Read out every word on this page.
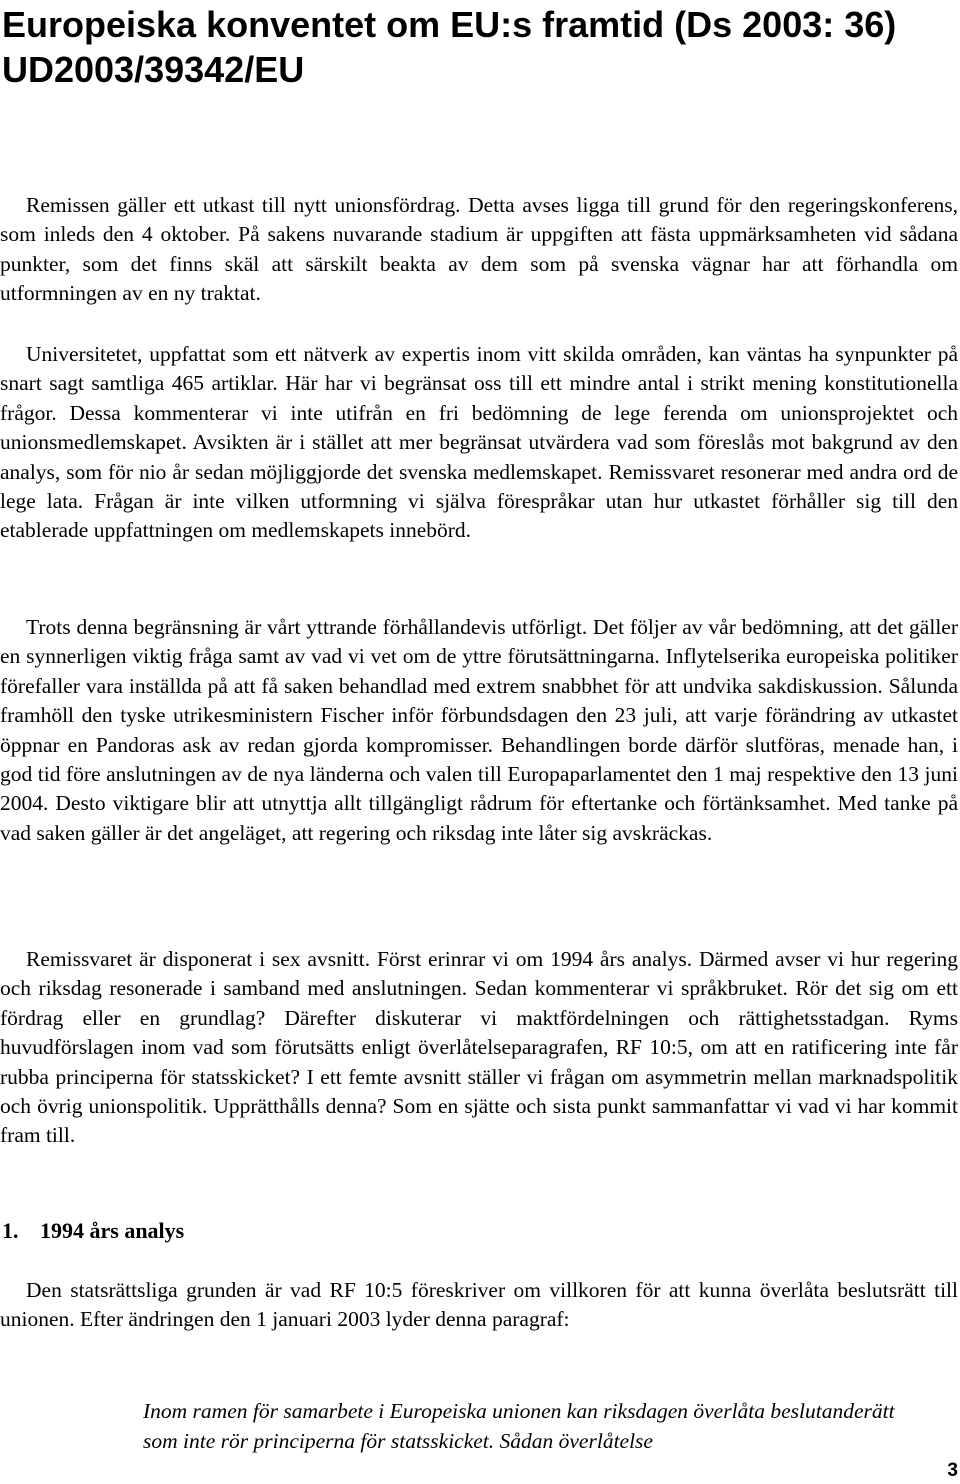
Europeiska konventet om EU:s framtid (Ds 2003: 36)
UD2003/39342/EU

Remissen gäller ett utkast till nytt unionsfördrag. Detta avses ligga till grund för den regeringskonferens, som inleds den 4 oktober. På sakens nuvarande stadium är uppgiften att fästa uppmärksamheten vid sådana punkter, som det finns skäl att särskilt beakta av dem som på svenska vägnar har att förhandla om utformningen av en ny traktat.

Universitetet, uppfattat som ett nätverk av expertis inom vitt skilda områden, kan väntas ha synpunkter på snart sagt samtliga 465 artiklar. Här har vi begränsat oss till ett mindre antal i strikt mening konstitutionella frågor. Dessa kommenterar vi inte utifrån en fri bedömning de lege ferenda om unionsprojektet och unionsmedlemskapet. Avsikten är i stället att mer begränsat utvärdera vad som föreslås mot bakgrund av den analys, som för nio år sedan möjliggjorde det svenska medlemskapet. Remissvaret resonerar med andra ord de lege lata. Frågan är inte vilken utformning vi själva förespråkar utan hur utkastet förhåller sig till den etablerade uppfattningen om medlemskapets innebörd.

Trots denna begränsning är vårt yttrande förhållandevis utförligt. Det följer av vår bedömning, att det gäller en synnerligen viktig fråga samt av vad vi vet om de yttre förutsättningarna. Inflytelserika europeiska politiker förefaller vara inställda på att få saken behandlad med extrem snabbhet för att undvika sakdiskussion. Sålunda framhöll den tyske utrikesministern Fischer inför förbundsdagen den 23 juli, att varje förändring av utkastet öppnar en Pandoras ask av redan gjorda kompromisser. Behandlingen borde därför slutföras, menade han, i god tid före anslutningen av de nya länderna och valen till Europaparlamentet den 1 maj respektive den 13 juni 2004. Desto viktigare blir att utnyttja allt tillgängligt rådrum för eftertanke och förtänksamhet. Med tanke på vad saken gäller är det angeläget, att regering och riksdag inte låter sig avskräckas.

Remissvaret är disponerat i sex avsnitt. Först erinrar vi om 1994 års analys. Därmed avser vi hur regering och riksdag resonerade i samband med anslutningen. Sedan kommenterar vi språkbruket. Rör det sig om ett fördrag eller en grundlag? Därefter diskuterar vi maktfördelningen och rättighetsstadgan. Ryms huvudförslagen inom vad som förutsätts enligt överlåtelseparagrafen, RF 10:5, om att en ratificering inte får rubba principerna för statsskicket? I ett femte avsnitt ställer vi frågan om asymmetrin mellan marknadspolitik och övrig unionspolitik. Upprätthålls denna? Som en sjätte och sista punkt sammanfattar vi vad vi har kommit fram till.

1. 1994 års analys

Den statsrättsliga grunden är vad RF 10:5 föreskriver om villkoren för att kunna överlåta beslutsrätt till unionen. Efter ändringen den 1 januari 2003 lyder denna paragraf:

Inom ramen för samarbete i Europeiska unionen kan riksdagen överlåta beslutanderätt som inte rör principerna för statsskicket. Sådan överlåtelse

3
